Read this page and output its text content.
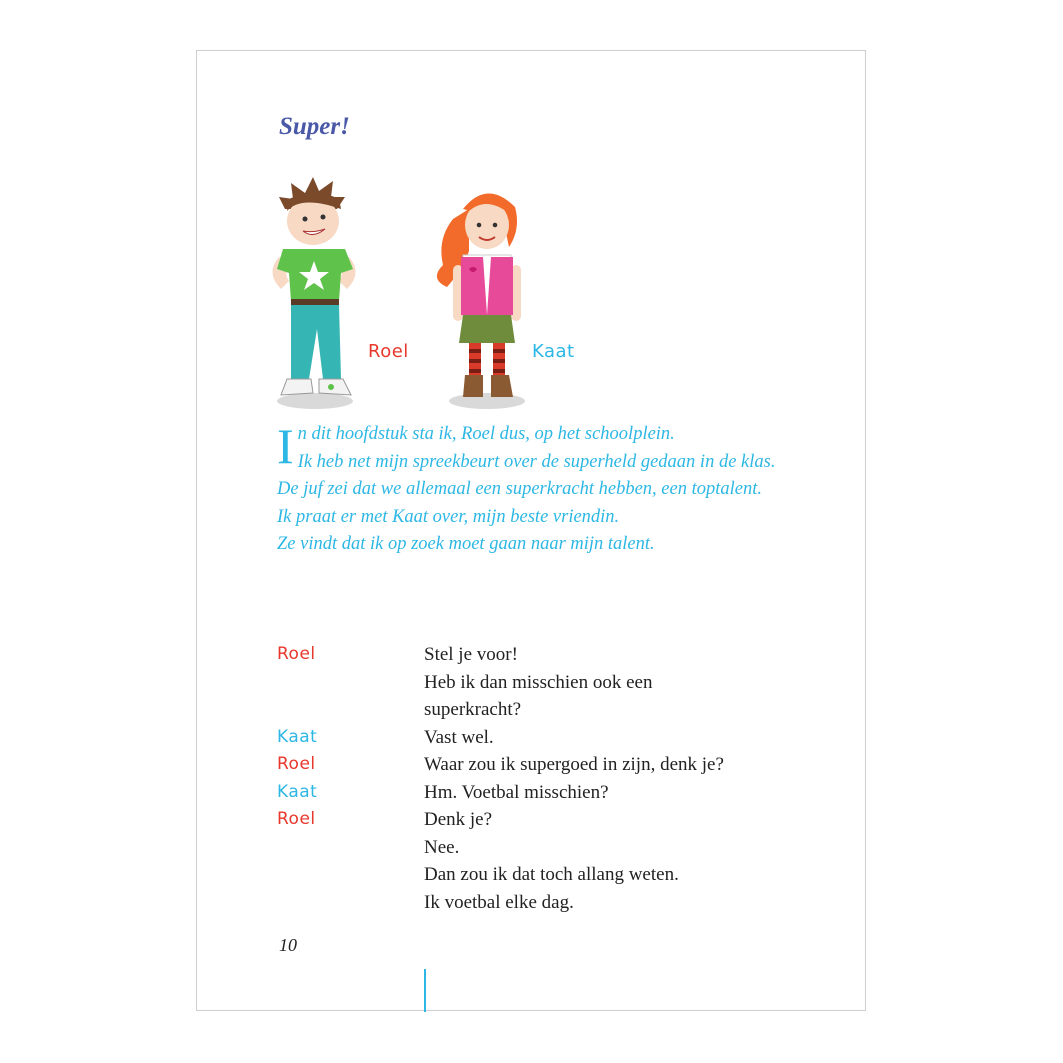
Super!
Roel	Kaat
I n dit hoofdstuk sta ik, Roel dus, op het schoolplein.

Ik heb net mijn spreekbeurt over de superheld gedaan in de klas.

De juf zei dat we allemaal een superkracht hebben, een toptalent.

Ik praat er met Kaat over, mijn beste vriendin.

Ze vindt dat ik op zoek moet gaan naar mijn talent.

Roel	Stel je voor!
Heb ik dan misschien ook een
superkracht?
Kaat	Vast wel.
Roel	Waar zou ik supergoed in zijn, denk je?
Kaat	Hm. Voetbal misschien?
Roel	Denk je?
Nee.
Dan zou ik dat toch allang weten.
Ik voetbal elke dag.
10
